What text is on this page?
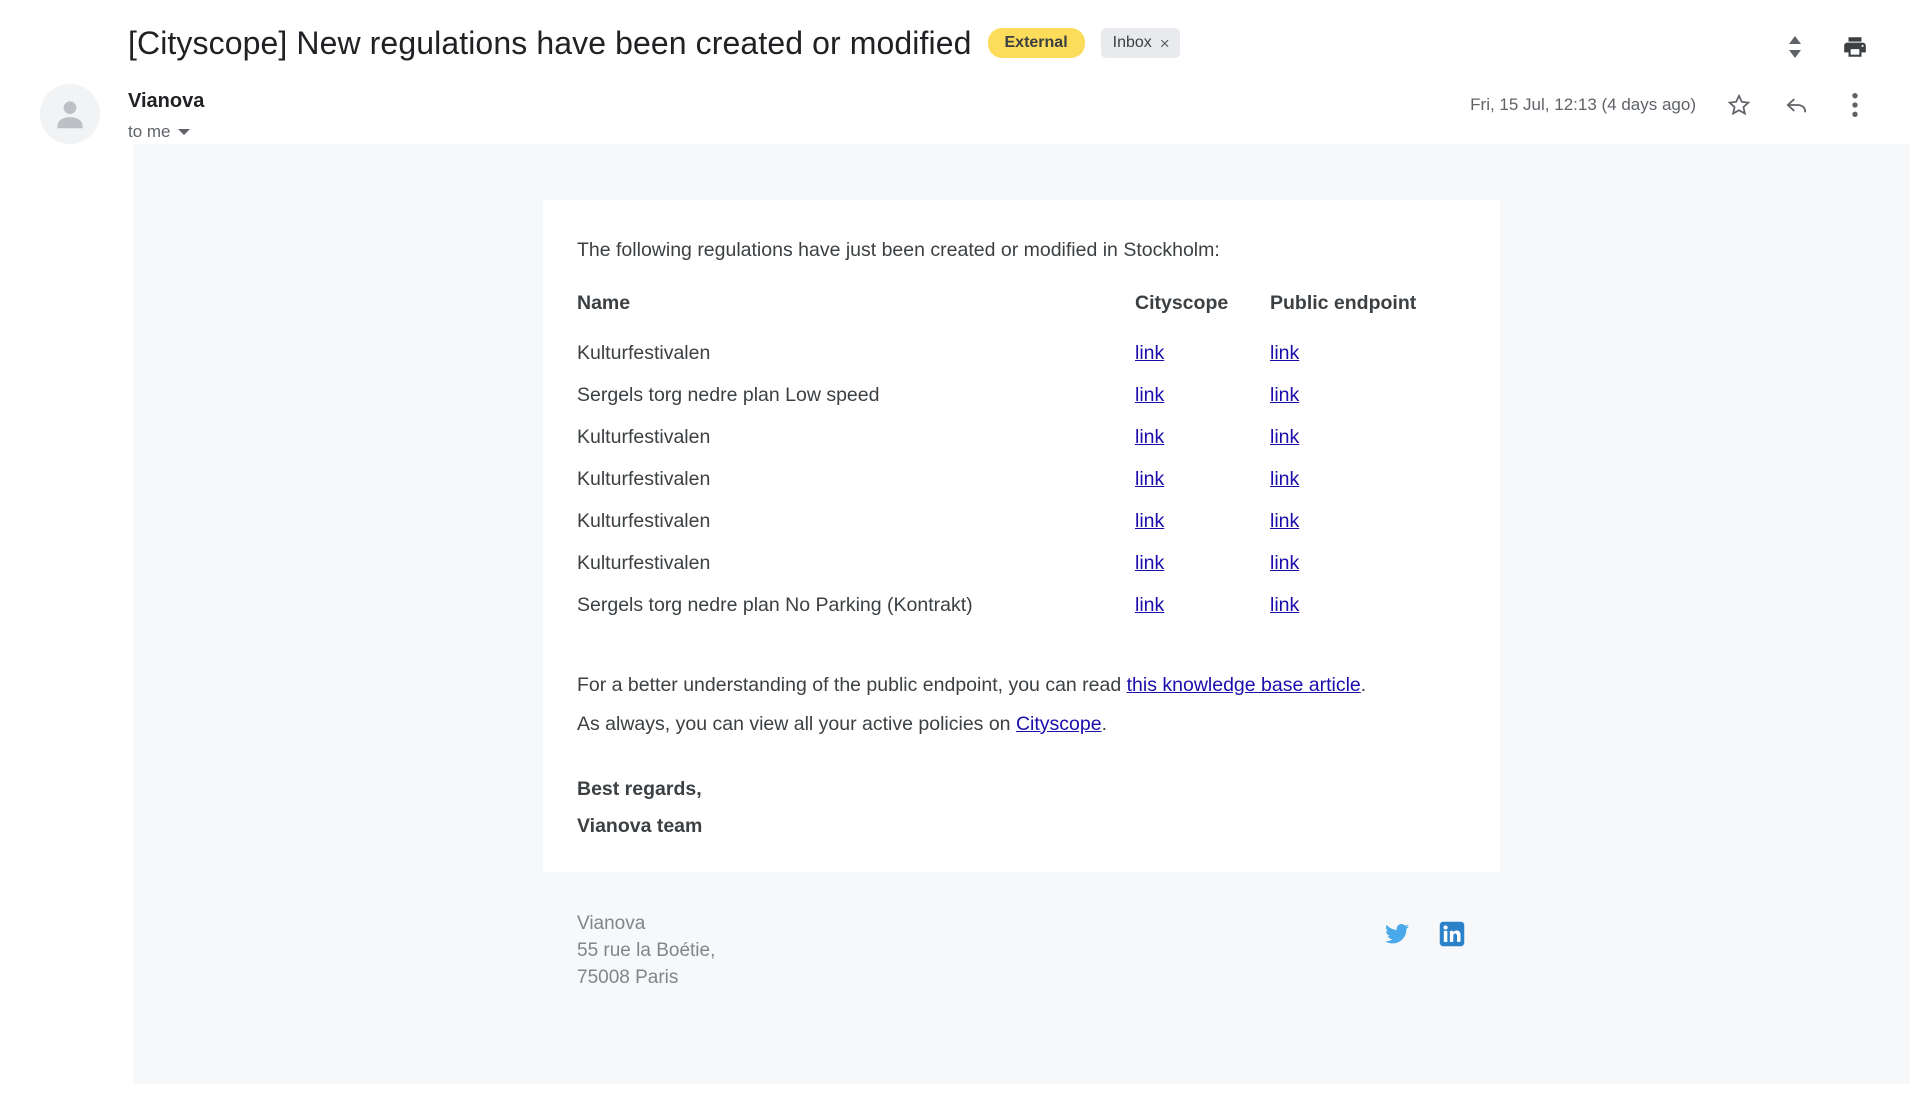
[Cityscope] New regulations have been created or modified	External	Inbox ×
Vianova
to me
Fri, 15 Jul, 12:13 (4 days ago)
The following regulations have just been created or modified in Stockholm:
Name	Cityscope	Public endpoint
Kulturfestivalen	link	link
Sergels torg nedre plan Low speed	link	link
Kulturfestivalen	link	link
Kulturfestivalen	link	link
Kulturfestivalen	link	link
Kulturfestivalen	link	link
Sergels torg nedre plan No Parking (Kontrakt)	link	link
For a better understanding of the public endpoint, you can read this knowledge base article.
As always, you can view all your active policies on Cityscope.
Best regards,
Vianova team
Vianova
55 rue la Boétie,
75008 Paris
